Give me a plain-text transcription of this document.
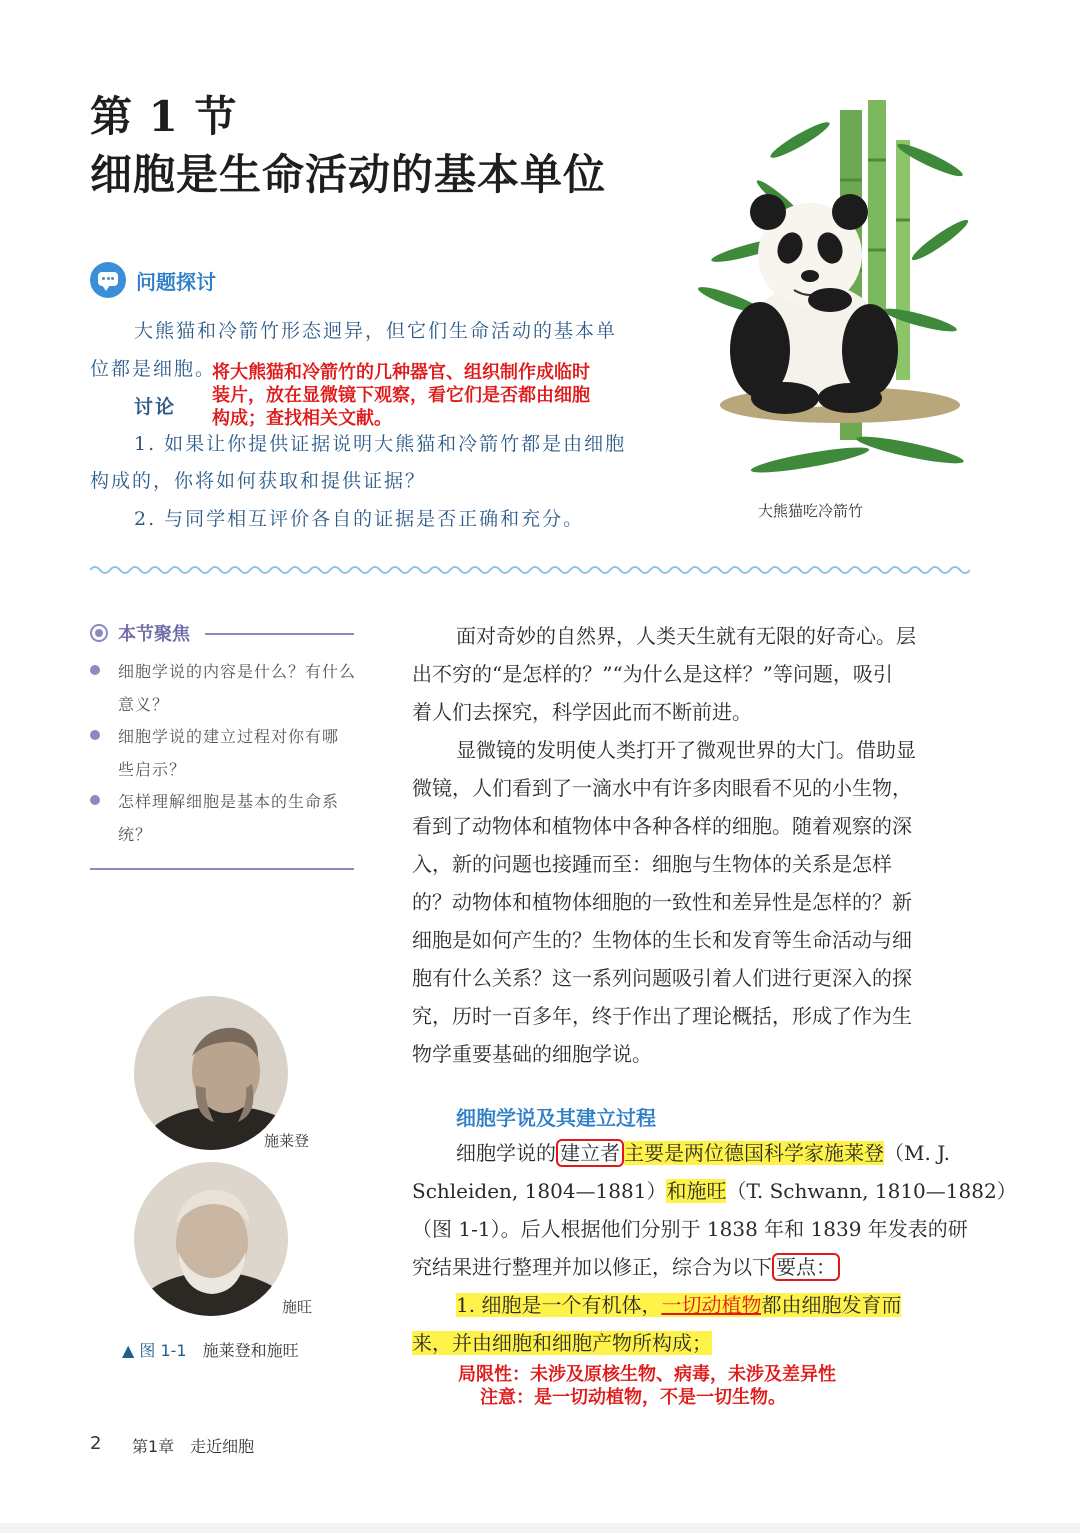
第 1 节
细胞是生命活动的基本单位
问题探讨
大熊猫和冷箭竹形态迥异，但它们生命活动的基本单
位都是细胞。
讨论
将大熊猫和冷箭竹的几种器官、组织制作成临时
装片，放在显微镜下观察，看它们是否都由细胞
构成；查找相关文献。
1. 如果让你提供证据说明大熊猫和冷箭竹都是由细胞
构成的，你将如何获取和提供证据？
2. 与同学相互评价各自的证据是否正确和充分。	大熊猫吃冷箭竹
本节聚焦
细胞学说的内容是什么？有什么
意义？
细胞学说的建立过程对你有哪
些启示？
怎样理解细胞是基本的生命系
统？
面对奇妙的自然界，人类天生就有无限的好奇心。层
出不穷的“是怎样的？”“为什么是这样？”等问题，吸引
着人们去探究，科学因此而不断前进。
显微镜的发明使人类打开了微观世界的大门。借助显
微镜，人们看到了一滴水中有许多肉眼看不见的小生物，
看到了动物体和植物体中各种各样的细胞。随着观察的深
入，新的问题也接踵而至：细胞与生物体的关系是怎样
的？动物体和植物体细胞的一致性和差异性是怎样的？新
细胞是如何产生的？生物体的生长和发育等生命活动与细
胞有什么关系？这一系列问题吸引着人们进行更深入的探
究，历时一百多年，终于作出了理论概括，形成了作为生
物学重要基础的细胞学说。
细胞学说及其建立过程
细胞学说的 建立者 主要是两位德国科学家施莱登（M. J.
Schleiden, 1804—1881）和施旺（T. Schwann, 1810—1882）
（图 1-1）。后人根据他们分别于 1838 年和 1839 年发表的研
究结果进行整理并加以修正，综合为以下 要点：
1. 细胞是一个有机体，一切动植物都由细胞发育而
来，并由细胞和细胞产物所构成；
局限性：未涉及原核生物、病毒，未涉及差异性
注意：是一切动植物，不是一切生物。
施莱登
施旺
▲ 图 1-1 施莱登和施旺
2 第1章　走近细胞
